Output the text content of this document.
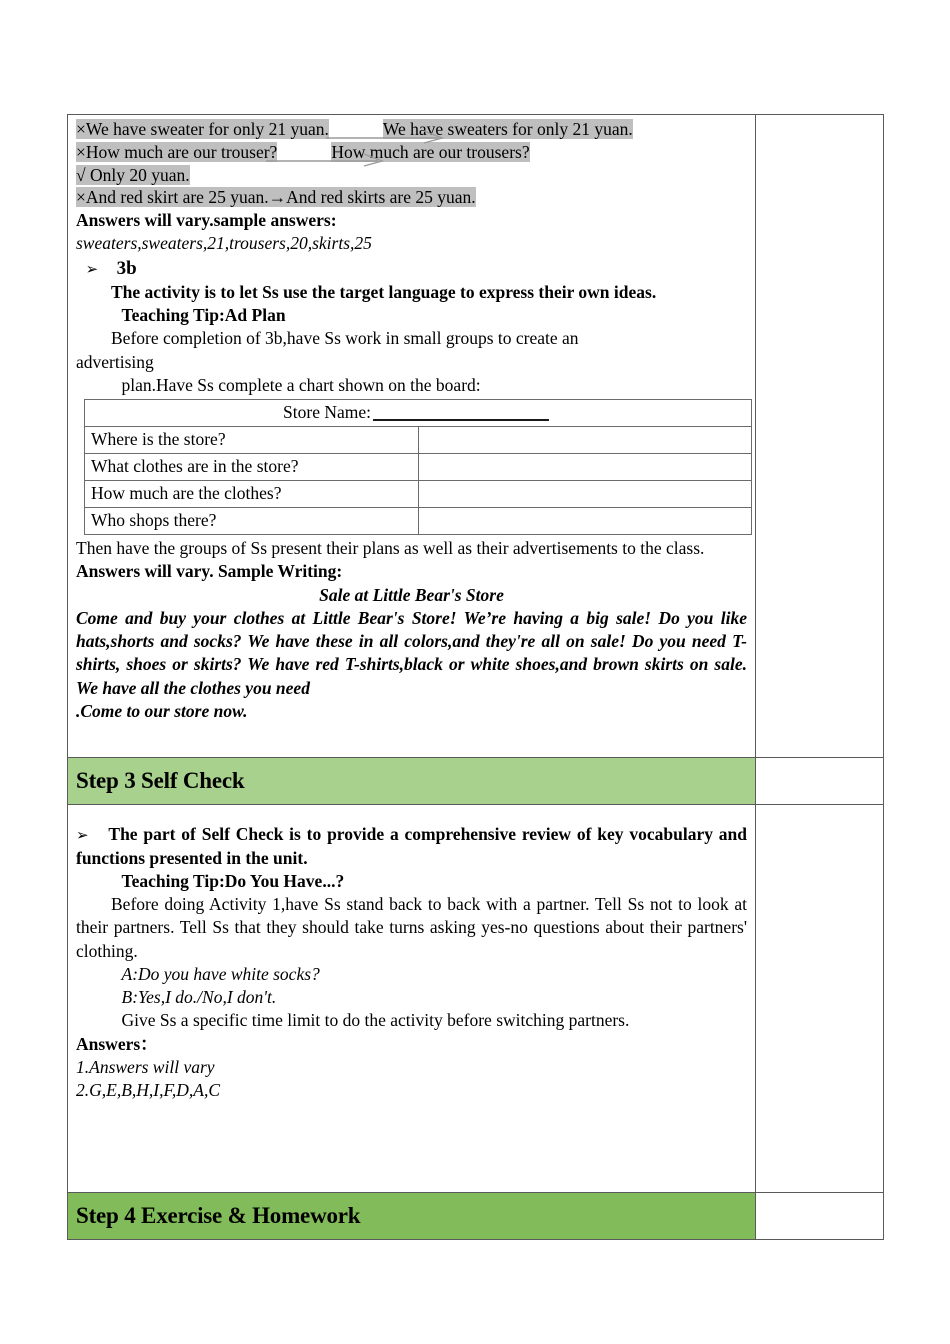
×We have sweater for only 21 yuan.	We have sweaters for only 21 yuan.

×How much are our trouser?	How much are our trousers?

√ Only 20 yuan.

×And red skirt are 25 yuan.→And red skirts are 25 yuan.

Answers will vary.sample answers:

sweaters,sweaters,21,trousers,20,skirts,25

➢ 3b

The activity is to let Ss use the target language to express their own ideas.

Teaching Tip:Ad Plan

Before completion of 3b,have Ss work in small groups to create an

advertising

plan.Have Ss complete a chart shown on the board:

Store Name:
Where is the store?	
What clothes are in the store?	
How much are the clothes?	
Who shops there?	

Then have the groups of Ss present their plans as well as their advertisements to the class.

Answers will vary. Sample Writing:

Sale at Little Bear's Store

Come and buy your clothes at Little Bear's Store! We’re having a big sale! Do you like hats,shorts and socks? We have these in all colors,and they're all on sale! Do you need T-shirts, shoes or skirts? We have red T-shirts,black or white shoes,and brown skirts on sale. We have all the clothes you need

.Come to our store now.

Step 3 Self Check

➢ The part of Self Check is to provide a comprehensive review of key vocabulary and functions presented in the unit.

Teaching Tip:Do You Have...?

Before doing Activity 1,have Ss stand back to back with a partner. Tell Ss not to look at their partners. Tell Ss that they should take turns asking yes-no questions about their partners' clothing.

A:Do you have white socks?

B:Yes,I do./No,I don't.

Give Ss a specific time limit to do the activity before switching partners.

Answers：

1.Answers will vary

2.G,E,B,H,I,F,D,A,C

Step 4 Exercise & Homework
